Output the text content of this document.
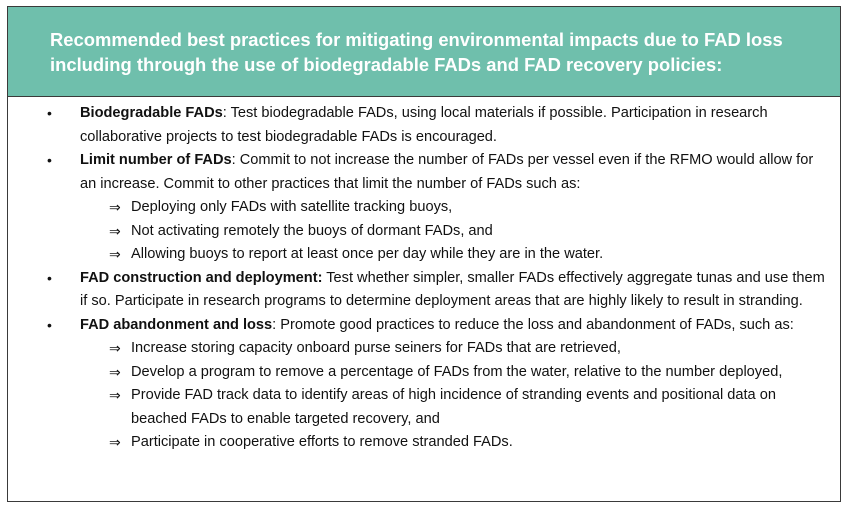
Recommended best practices for mitigating environmental impacts due to FAD loss
including through the use of biodegradable FADs and FAD recovery policies:
• Biodegradable FADs: Test biodegradable FADs, using local materials if possible. Participation in research collaborative projects to test biodegradable FADs is encouraged.
• Limit number of FADs: Commit to not increase the number of FADs per vessel even if the RFMO would allow for an increase. Commit to other practices that limit the number of FADs such as:
⇒ Deploying only FADs with satellite tracking buoys,
⇒ Not activating remotely the buoys of dormant FADs, and
⇒ Allowing buoys to report at least once per day while they are in the water.
• FAD construction and deployment: Test whether simpler, smaller FADs effectively aggregate tunas and use them if so. Participate in research programs to determine deployment areas that are highly likely to result in stranding.
• FAD abandonment and loss: Promote good practices to reduce the loss and abandonment of FADs, such as:
⇒ Increase storing capacity onboard purse seiners for FADs that are retrieved,
⇒ Develop a program to remove a percentage of FADs from the water, relative to the number deployed,
⇒ Provide FAD track data to identify areas of high incidence of stranding events and positional data on beached FADs to enable targeted recovery, and
⇒ Participate in cooperative efforts to remove stranded FADs.
